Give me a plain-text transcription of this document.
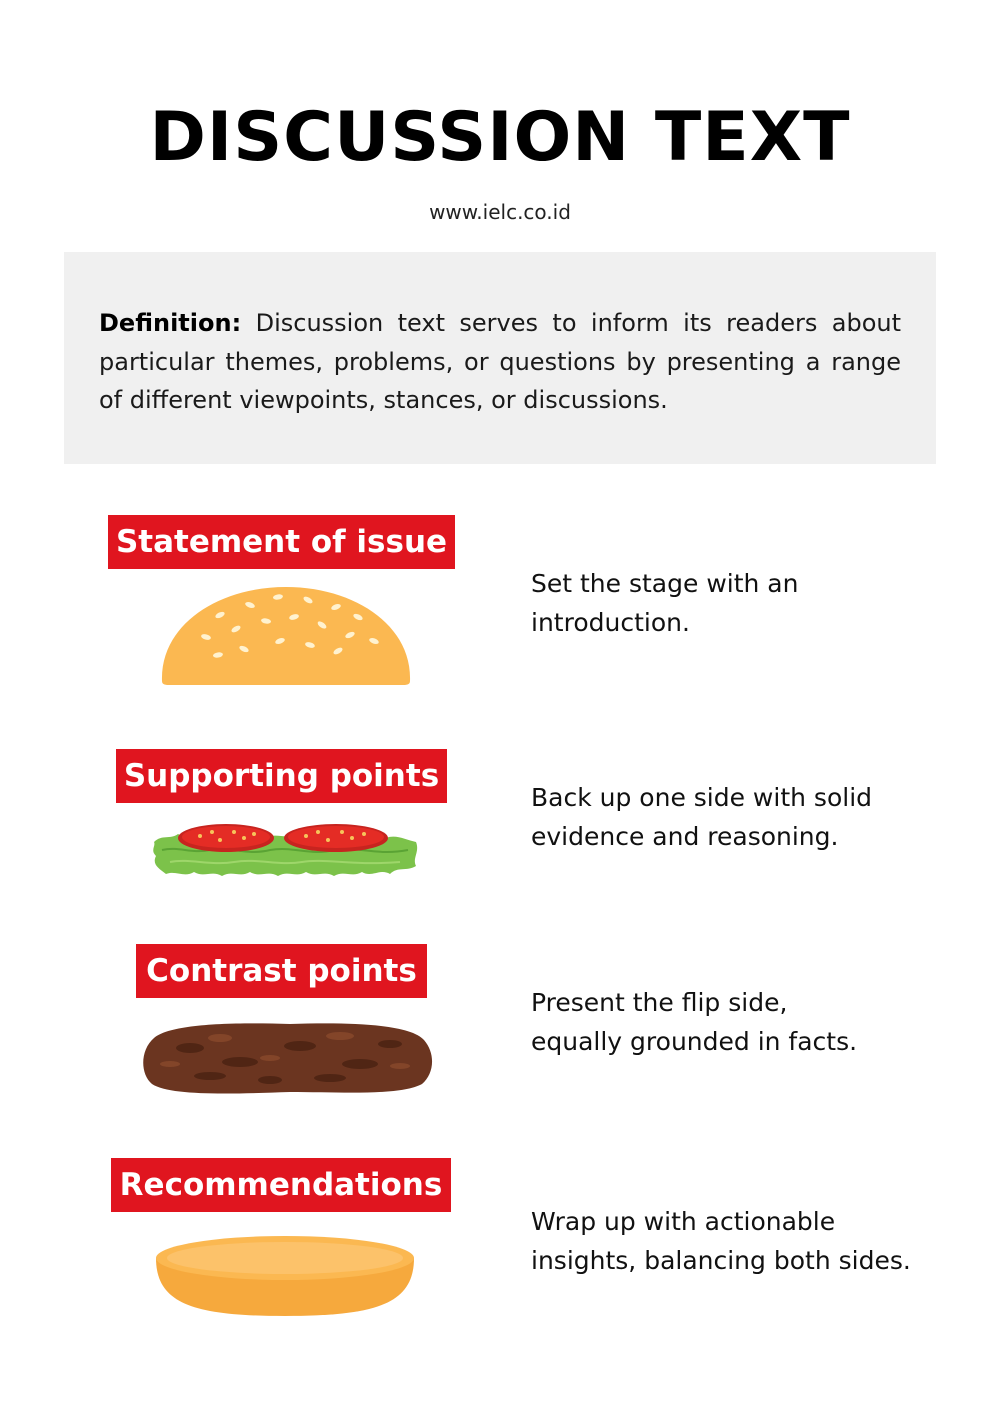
DISCUSSION TEXT
www.ielc.co.id
Definition: Discussion text serves to inform its readers about particular themes, problems, or questions by presenting a range of different viewpoints, stances, or discussions.
Statement of issue
Set the stage with an
introduction.
Supporting points
Back up one side with solid
evidence and reasoning.
Contrast points
Present the flip side,
equally grounded in facts.
Recommendations
Wrap up with actionable
insights, balancing both sides.
